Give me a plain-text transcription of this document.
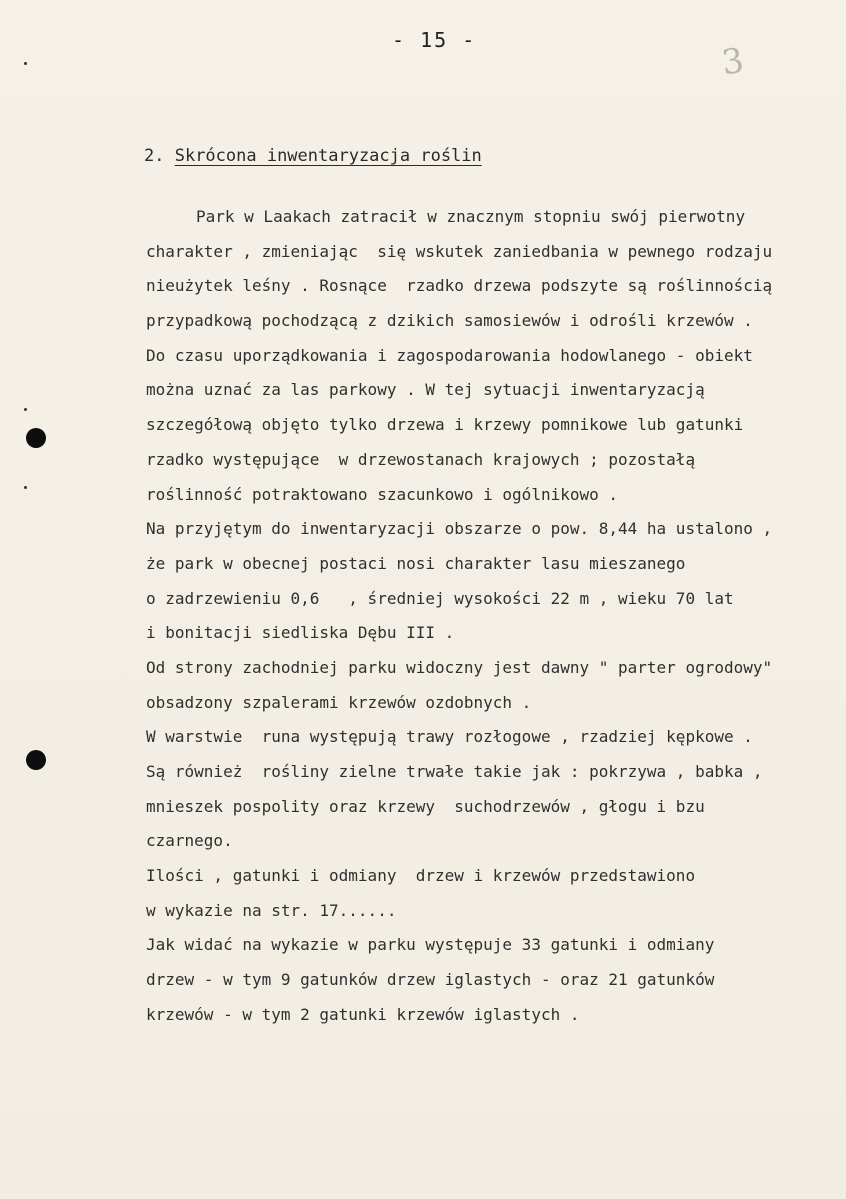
- 15 -
3
2. Skrócona inwentaryzacja roślin
Park w Laakach zatracił w znacznym stopniu swój pierwotny
charakter , zmieniając  się wskutek zaniedbania w pewnego rodzaju
nieużytek leśny . Rosnące  rzadko drzewa podszyte są roślinnością
przypadkową pochodzącą z dzikich samosiewów i odrośli krzewów .
Do czasu uporządkowania i zagospodarowania hodowlanego - obiekt
można uznać za las parkowy . W tej sytuacji inwentaryzacją
szczegółową objęto tylko drzewa i krzewy pomnikowe lub gatunki
rzadko występujące  w drzewostanach krajowych ; pozostałą
roślinność potraktowano szacunkowo i ogólnikowo .
Na przyjętym do inwentaryzacji obszarze o pow. 8,44 ha ustalono ,
że park w obecnej postaci nosi charakter lasu mieszanego
o zadrzewieniu 0,6   , średniej wysokości 22 m , wieku 70 lat
i bonitacji siedliska Dębu III .
Od strony zachodniej parku widoczny jest dawny " parter ogrodowy"
obsadzony szpalerami krzewów ozdobnych .
W warstwie  runa występują trawy rozłogowe , rzadziej kępkowe .
Są również  rośliny zielne trwałe takie jak : pokrzywa , babka ,
mnieszek pospolity oraz krzewy  suchodrzewów , głogu i bzu
czarnego.
Ilości , gatunki i odmiany  drzew i krzewów przedstawiono
w wykazie na str. 17......
Jak widać na wykazie w parku występuje 33 gatunki i odmiany
drzew - w tym 9 gatunków drzew iglastych - oraz 21 gatunków
krzewów - w tym 2 gatunki krzewów iglastych .
